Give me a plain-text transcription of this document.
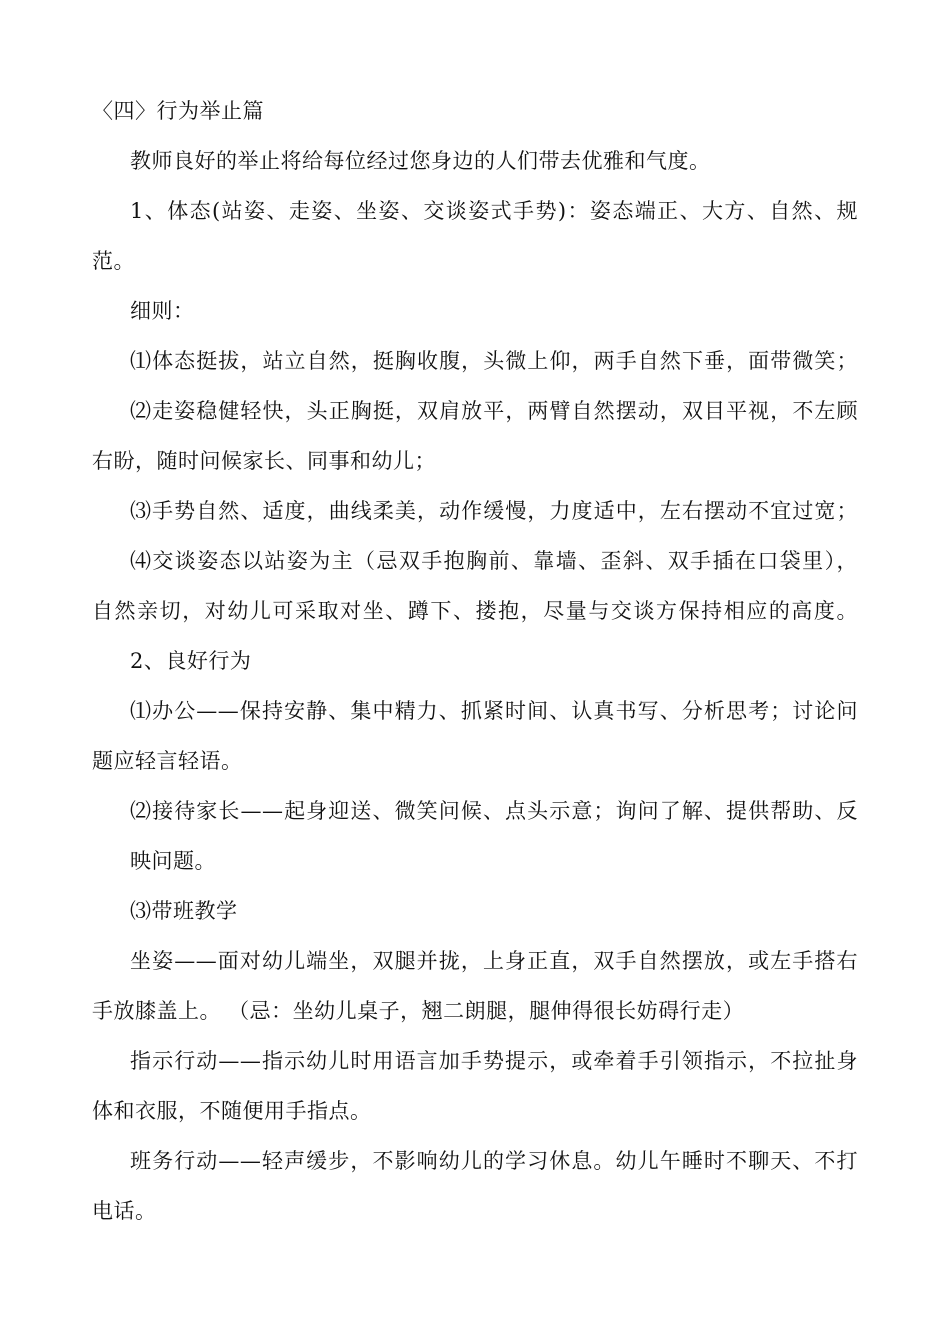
〈四〉行为举止篇
教师良好的举止将给每位经过您身边的人们带去优雅和气度。
1、体态(站姿、走姿、坐姿、交谈姿式手势)：姿态端正、大方、自然、规
范。
细则：
⑴体态挺拔，站立自然，挺胸收腹，头微上仰，两手自然下垂，面带微笑；
⑵走姿稳健轻快，头正胸挺，双肩放平，两臂自然摆动，双目平视，不左顾
右盼，随时问候家长、同事和幼儿；
⑶手势自然、适度，曲线柔美，动作缓慢，力度适中，左右摆动不宜过宽；
⑷交谈姿态以站姿为主（忌双手抱胸前、靠墙、歪斜、双手插在口袋里），
自然亲切，对幼儿可采取对坐、蹲下、搂抱，尽量与交谈方保持相应的高度。
2、良好行为
⑴办公——保持安静、集中精力、抓紧时间、认真书写、分析思考；讨论问
题应轻言轻语。
⑵接待家长——起身迎送、微笑问候、点头示意；询问了解、提供帮助、反
映问题。
⑶带班教学
坐姿——面对幼儿端坐，双腿并拢，上身正直，双手自然摆放，或左手搭右
手放膝盖上。 （忌：坐幼儿桌子，翘二朗腿，腿伸得很长妨碍行走）
指示行动——指示幼儿时用语言加手势提示，或牵着手引领指示，不拉扯身
体和衣服，不随便用手指点。
班务行动——轻声缓步，不影响幼儿的学习休息。幼儿午睡时不聊天、不打
电话。
